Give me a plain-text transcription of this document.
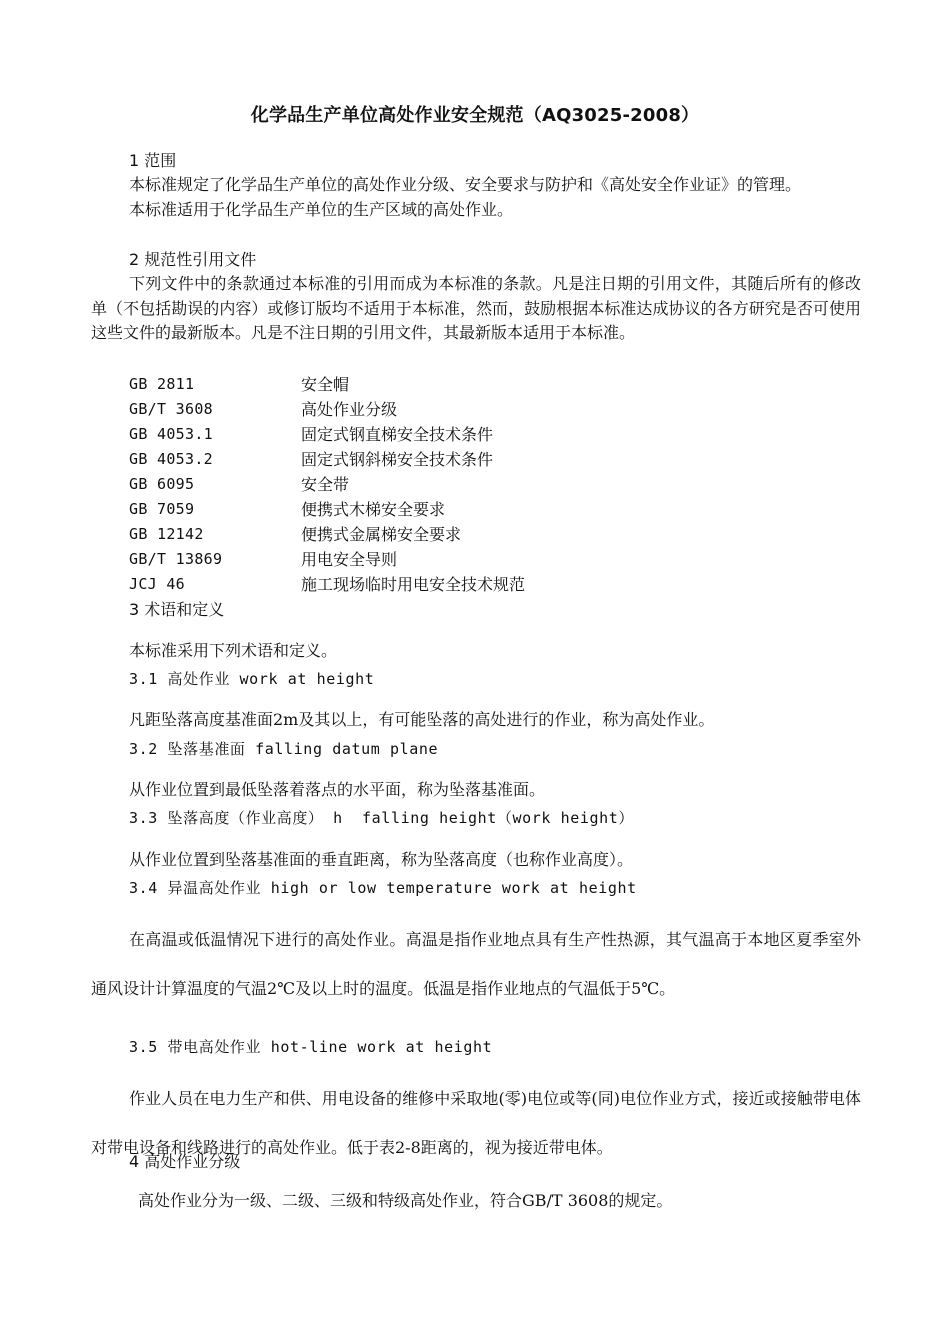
化学品生产单位高处作业安全规范（AQ3025-2008）
1 范围
本标准规定了化学品生产单位的高处作业分级、安全要求与防护和《高处安全作业证》的管理。
本标准适用于化学品生产单位的生产区域的高处作业。
2 规范性引用文件
下列文件中的条款通过本标准的引用而成为本标准的条款。凡是注日期的引用文件，其随后所有的修改单（不包括勘误的内容）或修订版均不适用于本标准，然而，鼓励根据本标准达成协议的各方研究是否可使用这些文件的最新版本。凡是不注日期的引用文件，其最新版本适用于本标准。
GB 2811	安全帽
GB/T 3608	高处作业分级
GB 4053.1	固定式钢直梯安全技术条件
GB 4053.2	固定式钢斜梯安全技术条件
GB 6095	安全带
GB 7059	便携式木梯安全要求
GB 12142	便携式金属梯安全要求
GB/T 13869	用电安全导则
JCJ 46	施工现场临时用电安全技术规范
3 术语和定义
本标准采用下列术语和定义。
3.1 高处作业 work at height
凡距坠落高度基准面2m及其以上，有可能坠落的高处进行的作业，称为高处作业。
3.2 坠落基准面 falling datum plane
从作业位置到最低坠落着落点的水平面，称为坠落基准面。
3.3 坠落高度（作业高度） h  falling height（work height）
从作业位置到坠落基准面的垂直距离，称为坠落高度（也称作业高度）。
3.4 异温高处作业 high or low temperature work at height
在高温或低温情况下进行的高处作业。高温是指作业地点具有生产性热源，其气温高于本地区夏季室外通风设计计算温度的气温2℃及以上时的温度。低温是指作业地点的气温低于5℃。
3.5 带电高处作业 hot-line work at height
作业人员在电力生产和供、用电设备的维修中采取地(零)电位或等(同)电位作业方式，接近或接触带电体对带电设备和线路进行的高处作业。低于表2-8距离的，视为接近带电体。
4 高处作业分级
高处作业分为一级、二级、三级和特级高处作业，符合GB/T 3608的规定。
